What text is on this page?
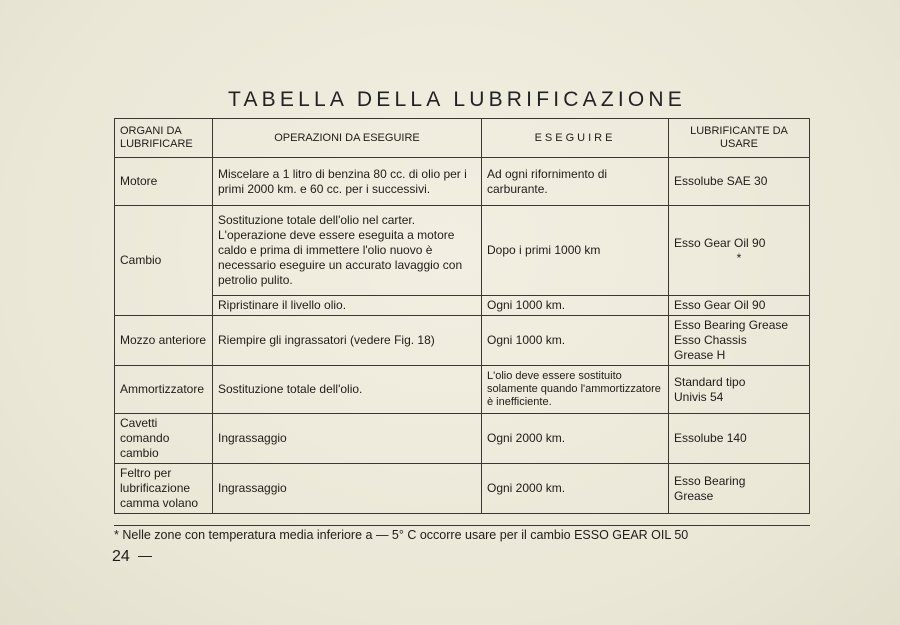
TABELLA DELLA LUBRIFICAZIONE
ORGANI DA LUBRIFICARE	OPERAZIONI DA ESEGUIRE	ESEGUIRE	LUBRIFICANTE DA USARE
Motore	Miscelare a 1 litro di benzina 80 cc. di olio per i primi 2000 km. e 60 cc. per i successivi.	Ad ogni rifornimento di carburante.	Essolube SAE 30
Cambio	Sostituzione totale dell'olio nel carter. L'operazione deve essere eseguita a motore caldo e prima di immettere l'olio nuovo è necessario eseguire un accurato lavaggio con petrolio pulito.	Dopo i primi 1000 km	Esso Gear Oil 90
*

	Ripristinare il livello olio.	Ogni 1000 km.	Esso Gear Oil 90
Mozzo anteriore	Riempire gli ingrassatori (vedere Fig. 18)	Ogni 1000 km.	Esso Bearing Grease
Esso Chassis
Grease H

Ammortizzatore	Sostituzione totale dell'olio.	L'olio deve essere sostituito solamente quando l'ammortizzatore è inefficiente.	Standard tipo
Univis 54

Cavetti comando cambio	Ingrassaggio	Ogni 2000 km.	Essolube 140
Feltro per lubrificazione camma volano	Ingrassaggio	Ogni 2000 km.	Esso Bearing
Grease
* Nelle zone con temperatura media inferiore a — 5° C occorre usare per il cambio ESSO GEAR OIL 50
24
